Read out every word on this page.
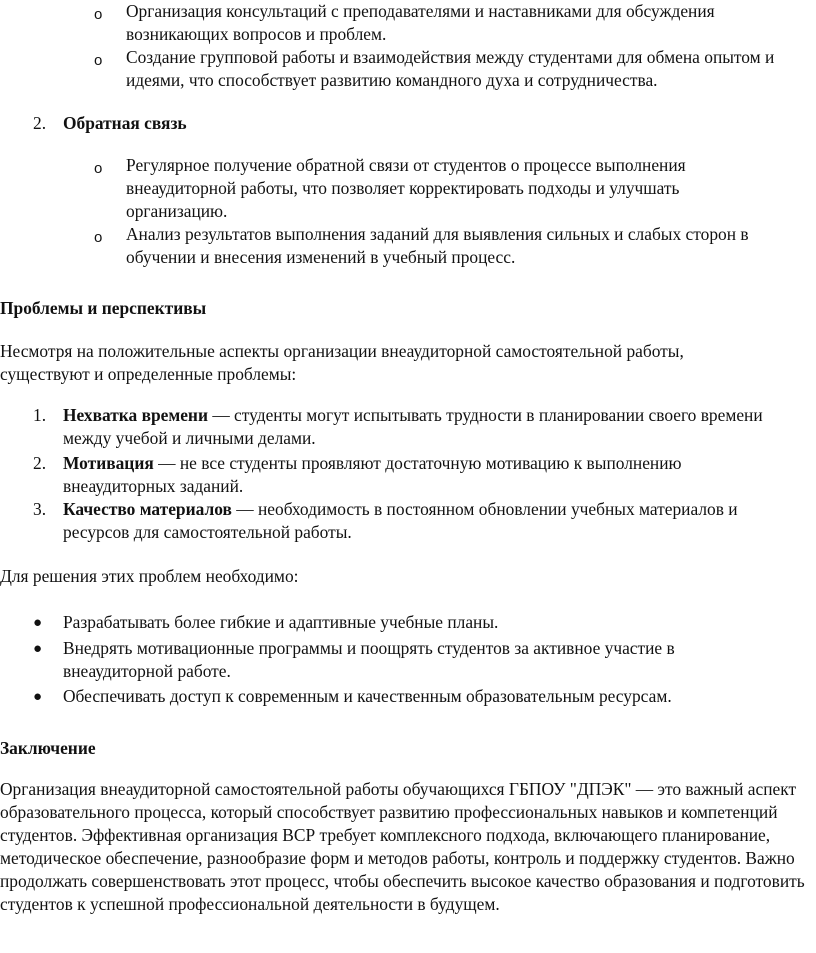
o Организация консультаций с преподавателями и наставниками для обсуждения возникающих вопросов и проблем.
o Создание групповой работы и взаимодействия между студентами для обмена опытом и идеями, что способствует развитию командного духа и сотрудничества.
2. Обратная связь
o Регулярное получение обратной связи от студентов о процессе выполнения внеаудиторной работы, что позволяет корректировать подходы и улучшать организацию.
o Анализ результатов выполнения заданий для выявления сильных и слабых сторон в обучении и внесения изменений в учебный процесс.
Проблемы и перспективы
Несмотря на положительные аспекты организации внеаудиторной самостоятельной работы, существуют и определенные проблемы:
1. Нехватка времени — студенты могут испытывать трудности в планировании своего времени между учебой и личными делами.
2. Мотивация — не все студенты проявляют достаточную мотивацию к выполнению внеаудиторных заданий.
3. Качество материалов — необходимость в постоянном обновлении учебных материалов и ресурсов для самостоятельной работы.
Для решения этих проблем необходимо:
● Разрабатывать более гибкие и адаптивные учебные планы.
● Внедрять мотивационные программы и поощрять студентов за активное участие в внеаудиторной работе.
● Обеспечивать доступ к современным и качественным образовательным ресурсам.
Заключение
Организация внеаудиторной самостоятельной работы обучающихся ГБПОУ "ДПЭК" — это важный аспект образовательного процесса, который способствует развитию профессиональных навыков и компетенций студентов. Эффективная организация ВСР требует комплексного подхода, включающего планирование, методическое обеспечение, разнообразие форм и методов работы, контроль и поддержку студентов. Важно продолжать совершенствовать этот процесс, чтобы обеспечить высокое качество образования и подготовить студентов к успешной профессиональной деятельности в будущем.
